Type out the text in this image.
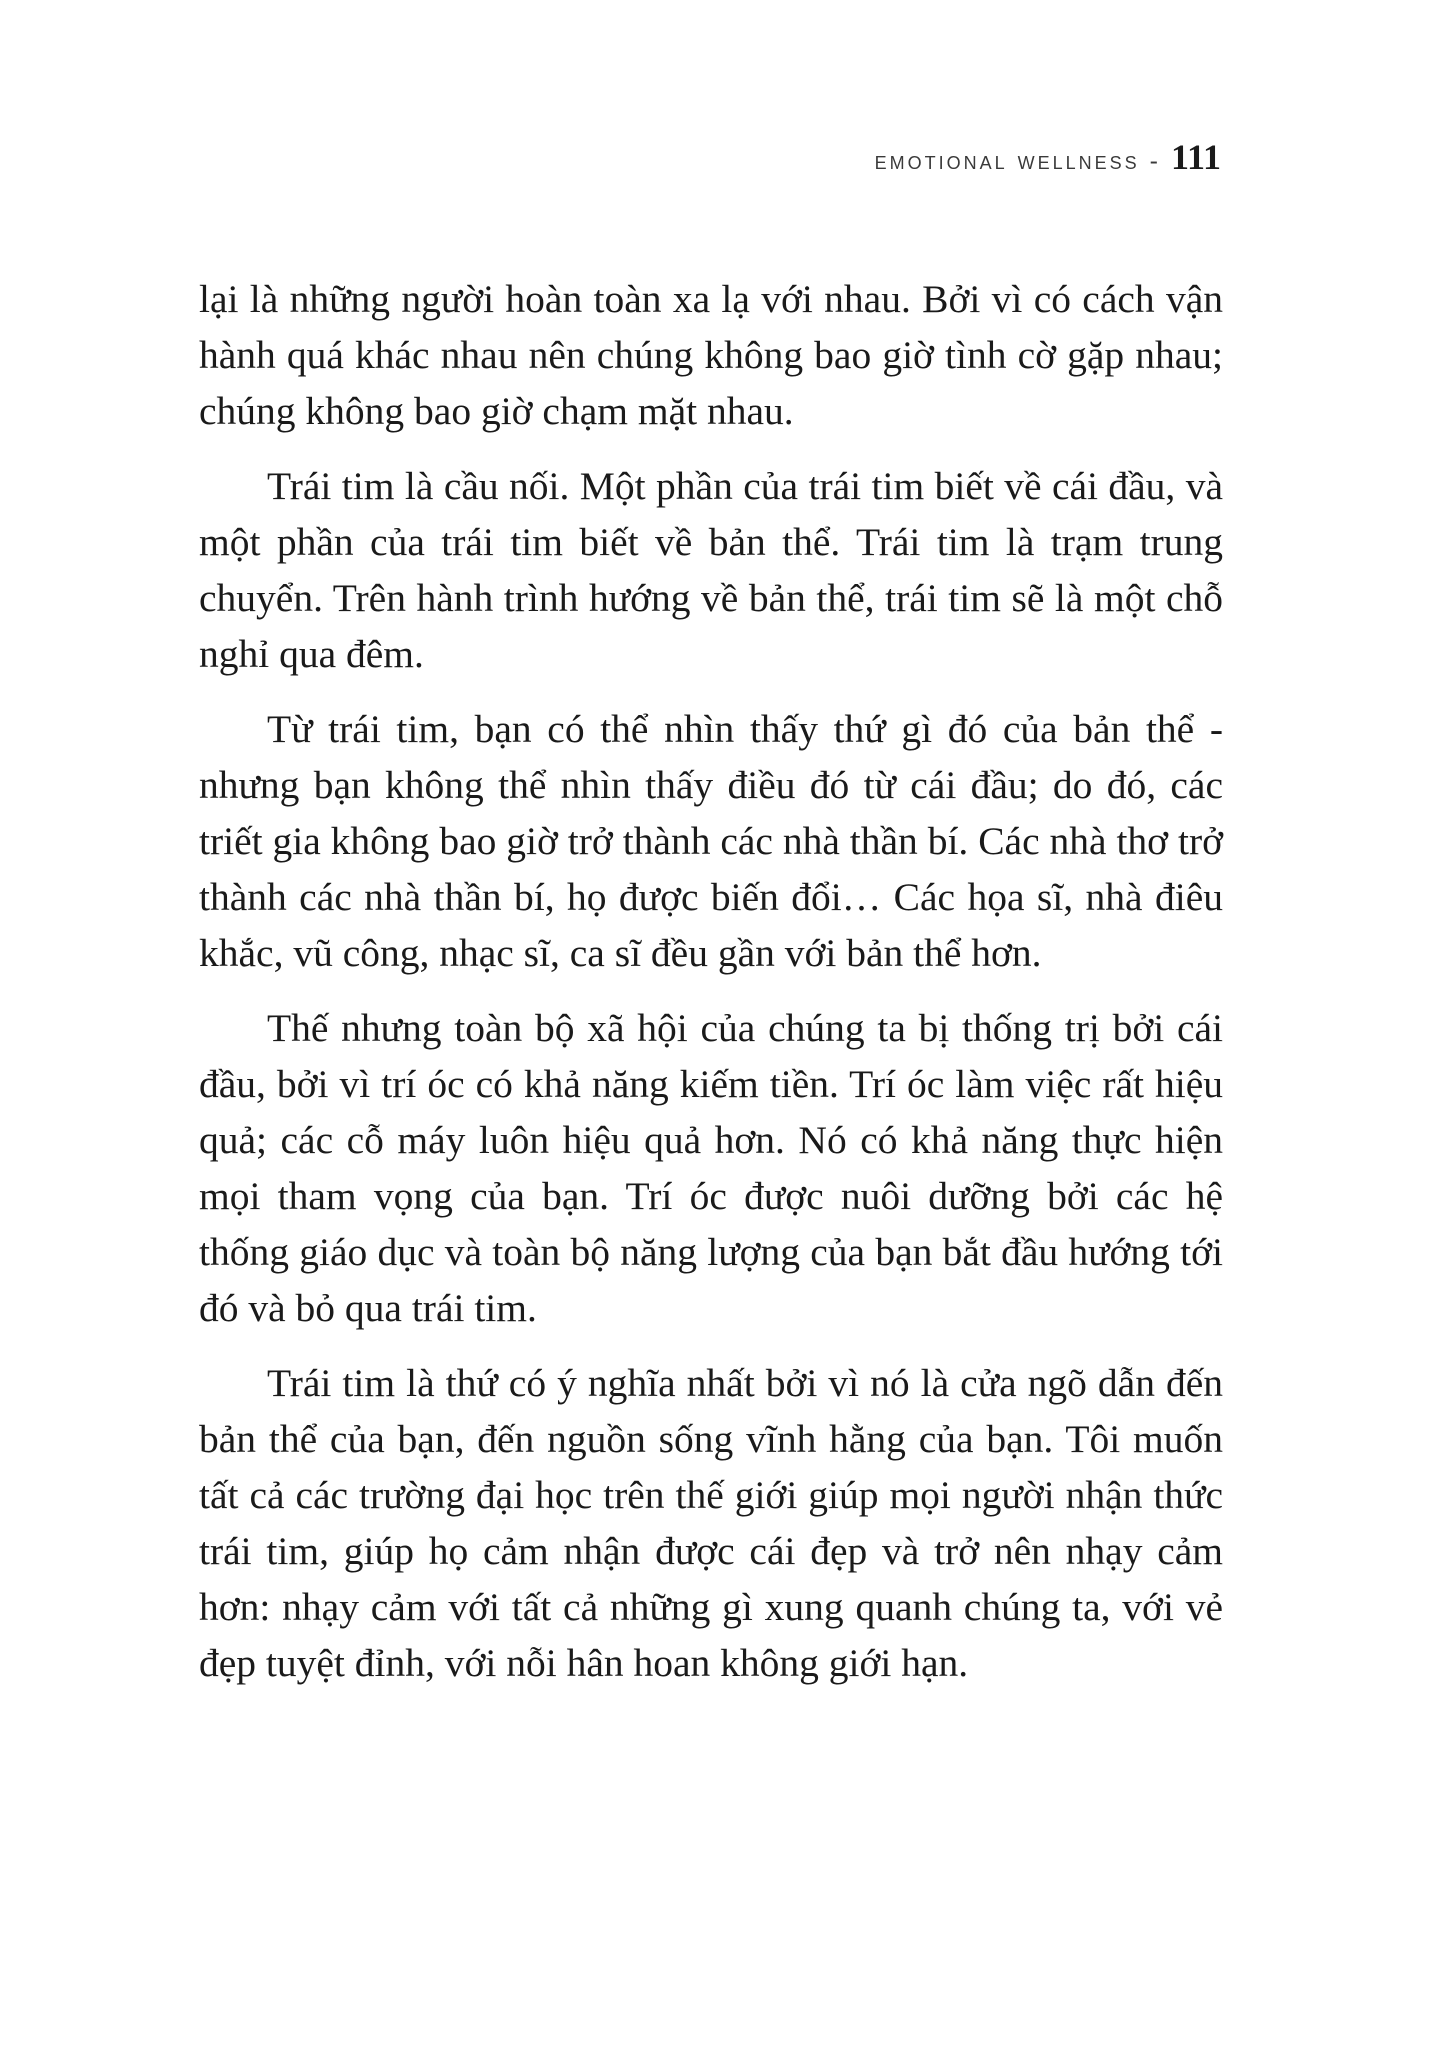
emotional wellness - 111

lại là những người hoàn toàn xa lạ với nhau. Bởi vì có cách vận hành quá khác nhau nên chúng không bao giờ tình cờ gặp nhau; chúng không bao giờ chạm mặt nhau.

Trái tim là cầu nối. Một phần của trái tim biết về cái đầu, và một phần của trái tim biết về bản thể. Trái tim là trạm trung chuyển. Trên hành trình hướng về bản thể, trái tim sẽ là một chỗ nghỉ qua đêm.

Từ trái tim, bạn có thể nhìn thấy thứ gì đó của bản thể - nhưng bạn không thể nhìn thấy điều đó từ cái đầu; do đó, các triết gia không bao giờ trở thành các nhà thần bí. Các nhà thơ trở thành các nhà thần bí, họ được biến đổi… Các họa sĩ, nhà điêu khắc, vũ công, nhạc sĩ, ca sĩ đều gần với bản thể hơn.

Thế nhưng toàn bộ xã hội của chúng ta bị thống trị bởi cái đầu, bởi vì trí óc có khả năng kiếm tiền. Trí óc làm việc rất hiệu quả; các cỗ máy luôn hiệu quả hơn. Nó có khả năng thực hiện mọi tham vọng của bạn. Trí óc được nuôi dưỡng bởi các hệ thống giáo dục và toàn bộ năng lượng của bạn bắt đầu hướng tới đó và bỏ qua trái tim.

Trái tim là thứ có ý nghĩa nhất bởi vì nó là cửa ngõ dẫn đến bản thể của bạn, đến nguồn sống vĩnh hằng của bạn. Tôi muốn tất cả các trường đại học trên thế giới giúp mọi người nhận thức trái tim, giúp họ cảm nhận được cái đẹp và trở nên nhạy cảm hơn: nhạy cảm với tất cả những gì xung quanh chúng ta, với vẻ đẹp tuyệt đỉnh, với nỗi hân hoan không giới hạn.
